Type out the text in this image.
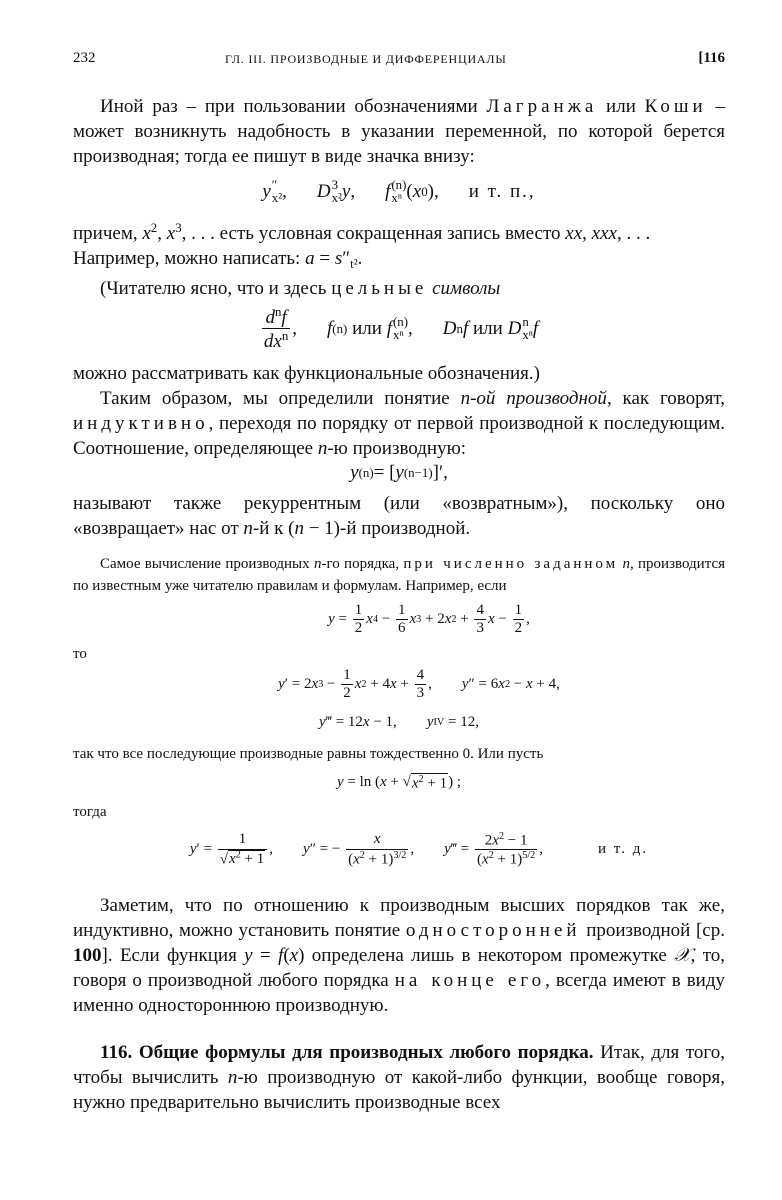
232	ГЛ. III. ПРОИЗВОДНЫЕ И ДИФФЕРЕНЦИАЛЫ	[116

Иной раз – при пользовании обозначениями Лагранжа или Коши – может возникнуть надобность в указании переменной, по которой берется производная; тогда ее пишут в виде значка внизу:

y ″
x² , D 3
x² y , f (n)
xⁿ ( x 0 ), и т. п.,

причем, $x^2$, $x^3$, . . . есть условная сокращенная запись вместо xx, xxx, . . .
Например, можно написать: $a = s''_{t^2}$.

(Читателю ясно, что и здесь цельные символы

$\frac{d^nf}{dx^n}$ , f (n)
или
f (n)
xⁿ , D n f
или
D n
xⁿ f

можно рассматривать как функциональные обозначения.)

Таким образом, мы определили понятие n-ой производной, как говорят, индуктивно, переходя по порядку от первой производной к последующим. Соотношение, определяющее n-ю производную:

y (n) = [ y (n−1) ]′,

называют также рекуррентным (или «возвратным»), поскольку оно «возвращает» нас от n-й к (n − 1)-й производной.

Самое вычисление производных n-го порядка, при численно заданном n, производится по известным уже читателю правилам и формулам. Например, если

$y = \frac{1}{2}$ x $4 - \frac{1}{6}$ x 3 + 2 x $2 + \frac{4}{3}$ $x - \frac{1}{2}$ ,

то

y ′ = 2 x $3 - \frac{1}{2}$ x 2 + 4 $x + \frac{4}{3}$ , y ″ = 6 x 2 − x + 4,
y ‴ = 12 x − 1, y IV = 12,

так что все последующие производные равны тождественно 0. Или пусть

y = ln ( x + √ $x^2 + 1$ ) ;

тогда

y ′ = $\frac{1}{√x^2 + 1}$ , y ″ = − $\frac{x}{(x^2 + 1)^{3/2}}$ , y ‴ = $\frac{2x^2 - 1}{(x^2 + 1)^{5/2}}$ ,	и т. д.

Заметим, что по отношению к производным высших порядков так же, индуктивно, можно установить понятие односторонней производной [ср. 100]. Если функция y = f(x) определена лишь в некотором промежутке 𝒳, то, говоря о производной любого порядка на конце его, всегда имеют в виду именно одностороннюю производную.

116. Общие формулы для производных любого порядка. Итак, для того, чтобы вычислить n-ю производную от какой-либо функции, вообще говоря, нужно предварительно вычислить производные всех
